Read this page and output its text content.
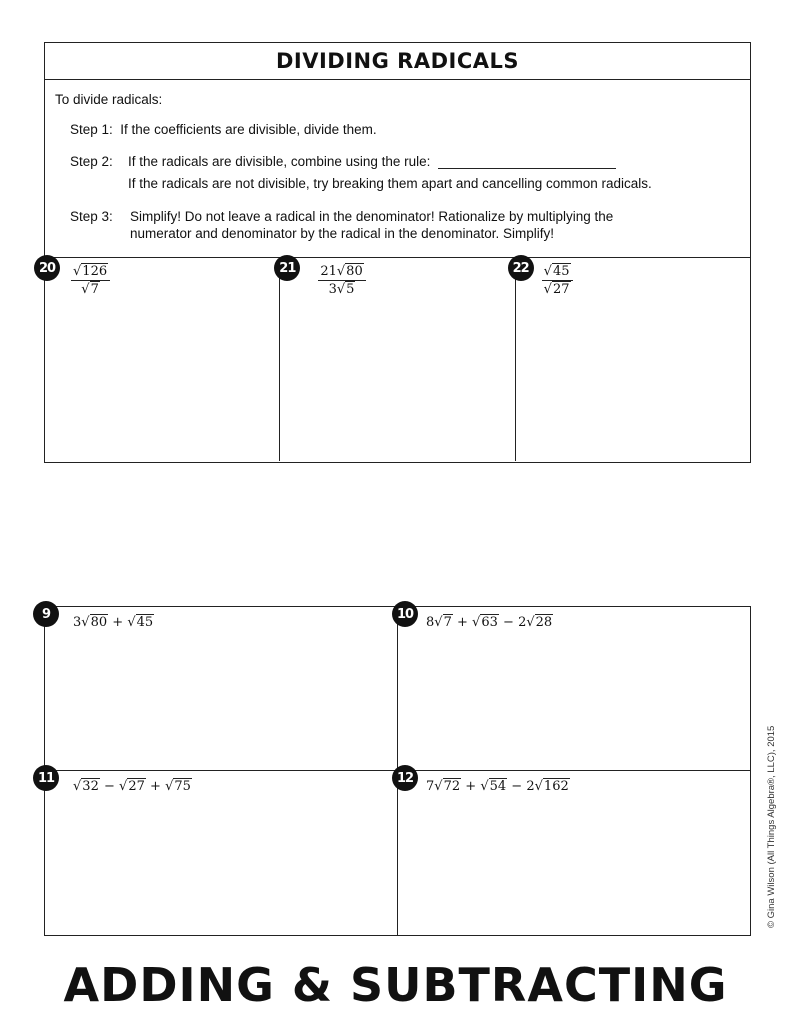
DIVIDING RADICALS
To divide radicals:
Step 1: If the coefficients are divisible, divide them.
Step 2: If the radicals are divisible, combine using the rule:
If the radicals are not divisible, try breaking them apart and cancelling common radicals.
Step 3: Simplify! Do not leave a radical in the denominator! Rationalize by multiplying the
numerator and denominator by the radical in the denominator. Simplify!
20	$\frac{√126}{√7}$	21	$\frac{21√80}{3√5}$	$22 \frac{√45}{√27}$
9
3√80 + √45
10
8√7 + √63 − 2√28
11
√32 − √27 + √75
12
7√72 + √54 − 2√162	© Gina Wilson (All Things Algebra®, LLC), 2015
ADDING & SUBTRACTING
